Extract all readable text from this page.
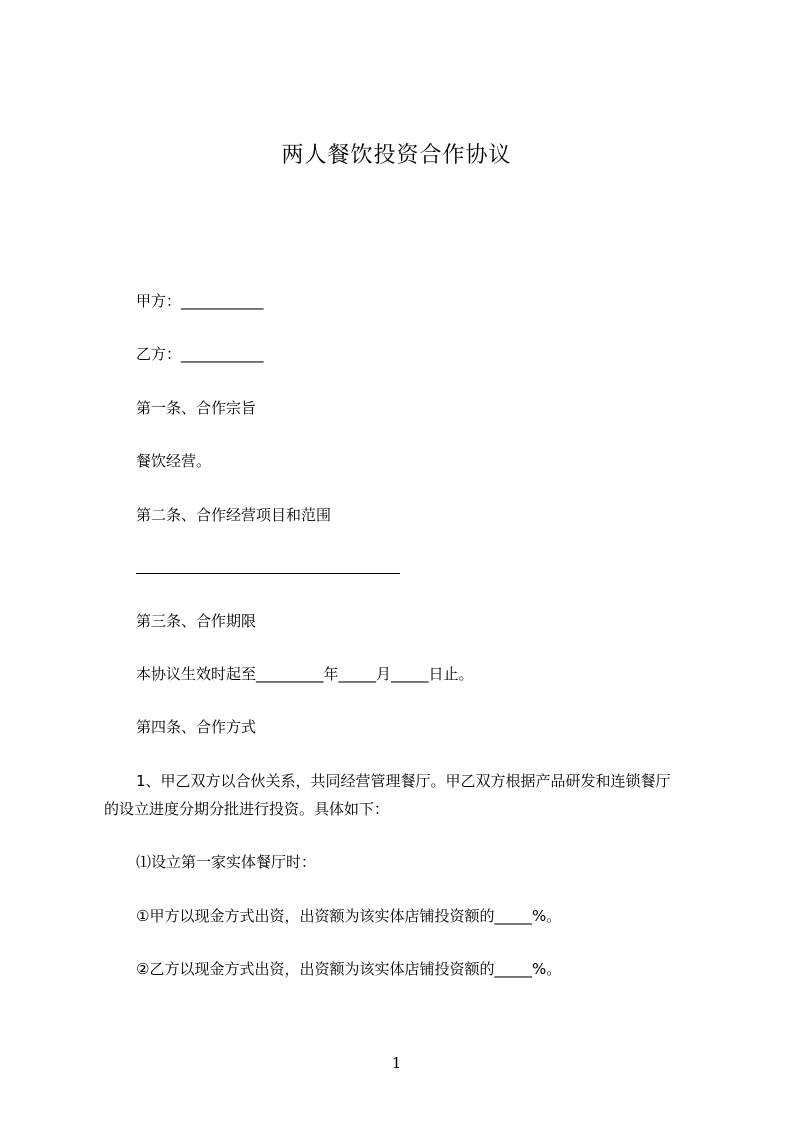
两人餐饮投资合作协议
甲方：___________
乙方：___________
第一条、合作宗旨
餐饮经营。
第二条、合作经营项目和范围
第三条、合作期限
本协议生效时起至_________年_____月_____日止。
第四条、合作方式
1、甲乙双方以合伙关系，共同经营管理餐厅。甲乙双方根据产品研发和连锁餐厅
的设立进度分期分批进行投资。具体如下：
⑴设立第一家实体餐厅时：
①甲方以现金方式出资，出资额为该实体店铺投资额的_____%。
②乙方以现金方式出资，出资额为该实体店铺投资额的_____%。
1
